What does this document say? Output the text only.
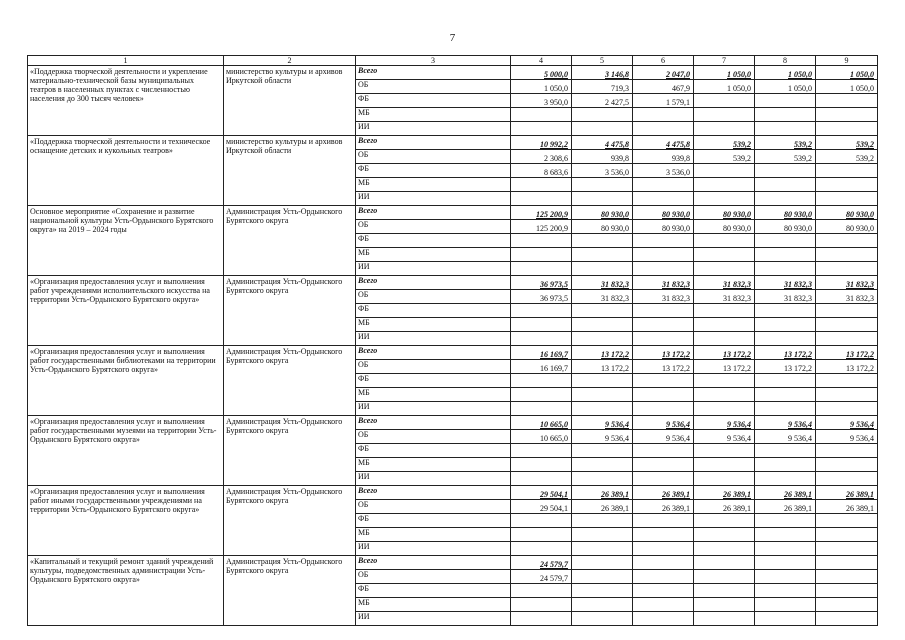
7
1	2	3	4	5	6	7	8	9
«Поддержка творческой деятельности и укрепление материально-технической базы муниципальных театров в населенных пунктах с численностью населения до 300 тысяч человек»	министерство культуры и архивов Иркутской области	Всего	5 000,0	3 146,8	2 047,0	1 050,0	1 050,0	1 050,0
		ОБ	1 050,0	719,3	467,9	1 050,0	1 050,0	1 050,0
		ФБ	3 950,0	2 427,5	1 579,1			
		МБ						
		ИИ						
«Поддержка творческой деятельности и техническое оснащение детских и кукольных театров»	министерство культуры и архивов Иркутской области	Всего	10 992,2	4 475,8	4 475,8	539,2	539,2	539,2
		ОБ	2 308,6	939,8	939,8	539,2	539,2	539,2
		ФБ	8 683,6	3 536,0	3 536,0			
		МБ						
		ИИ						
Основное мероприятие «Сохранение и развитие национальной культуры Усть-Ордынского Бурятского округа» на 2019 – 2024 годы	Администрация Усть-Ордынского Бурятского округа	Всего	125 200,9	80 930,0	80 930,0	80 930,0	80 930,0	80 930,0
		ОБ	125 200,9	80 930,0	80 930,0	80 930,0	80 930,0	80 930,0
		ФБ						
		МБ						
		ИИ						
«Организация предоставления услуг и выполнения работ учреждениями исполнительского искусства на территории Усть-Ордынского Бурятского округа»	Администрация Усть-Ордынского Бурятского округа	Всего	36 973,5	31 832,3	31 832,3	31 832,3	31 832,3	31 832,3
		ОБ	36 973,5	31 832,3	31 832,3	31 832,3	31 832,3	31 832,3
		ФБ						
		МБ						
		ИИ						
«Организация предоставления услуг и выполнения работ государственными библиотеками на территории Усть-Ордынского Бурятского округа»	Администрация Усть-Ордынского Бурятского округа	Всего	16 169,7	13 172,2	13 172,2	13 172,2	13 172,2	13 172,2
		ОБ	16 169,7	13 172,2	13 172,2	13 172,2	13 172,2	13 172,2
		ФБ						
		МБ						
		ИИ						
«Организация предоставления услуг и выполнения работ государственными музеями на территории Усть-Ордынского Бурятского округа»	Администрация Усть-Ордынского Бурятского округа	Всего	10 665,0	9 536,4	9 536,4	9 536,4	9 536,4	9 536,4
		ОБ	10 665,0	9 536,4	9 536,4	9 536,4	9 536,4	9 536,4
		ФБ						
		МБ						
		ИИ						
«Организация предоставления услуг и выполнения работ иными государственными учреждениями на территории Усть-Ордынского Бурятского округа»	Администрация Усть-Ордынского Бурятского округа	Всего	29 504,1	26 389,1	26 389,1	26 389,1	26 389,1	26 389,1
		ОБ	29 504,1	26 389,1	26 389,1	26 389,1	26 389,1	26 389,1
		ФБ						
		МБ						
		ИИ						
«Капитальный и текущий ремонт зданий учреждений культуры, подведомственных администрации Усть-Ордынского Бурятского округа»	Администрация Усть-Ордынского Бурятского округа	Всего	24 579,7					
		ОБ	24 579,7					
		ФБ						
		МБ						
		ИИ						
